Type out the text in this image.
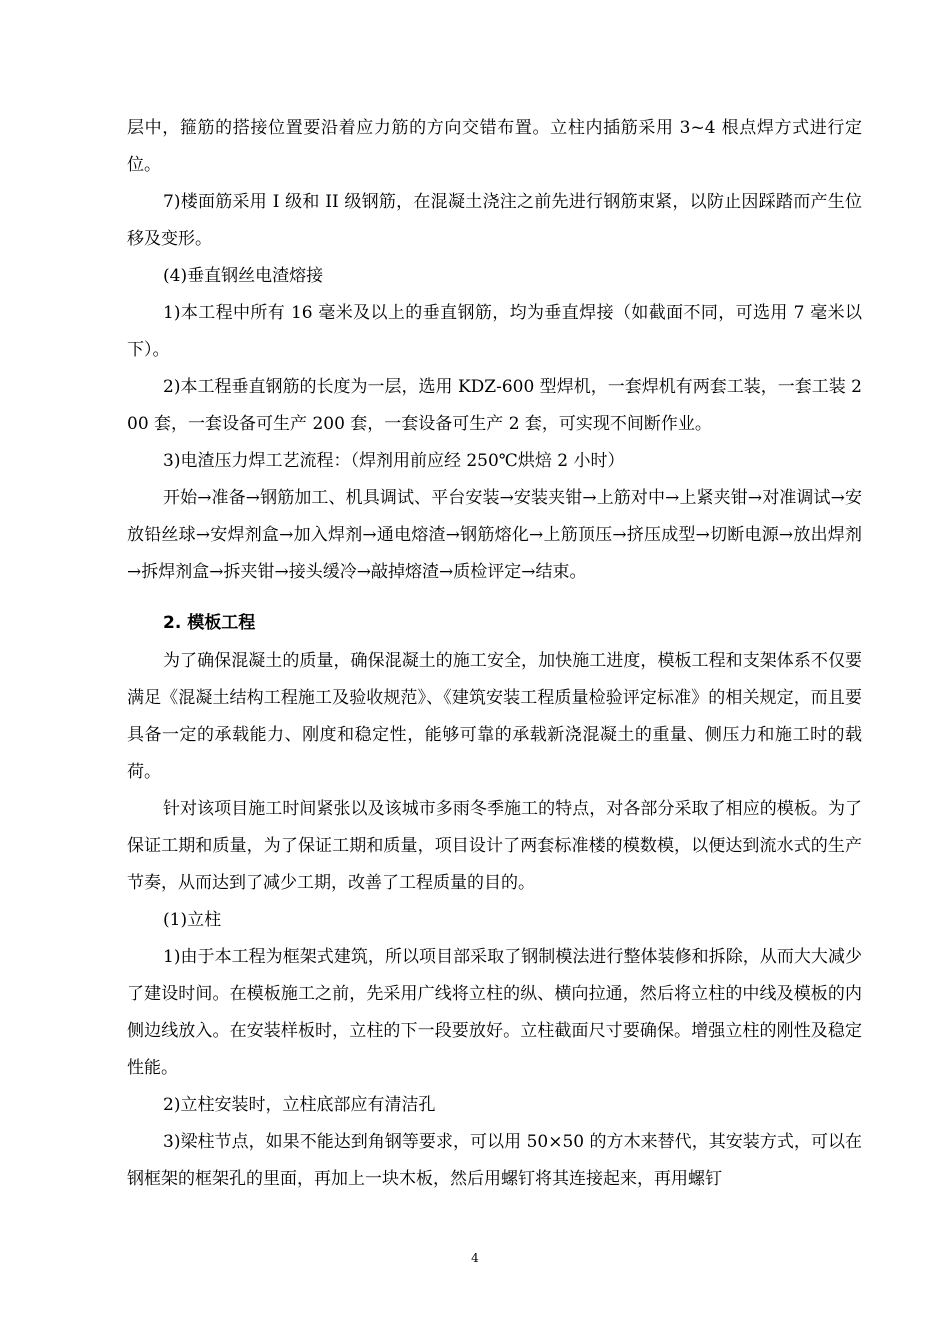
层中，箍筋的搭接位置要沿着应力筋的方向交错布置。立柱内插筋采用 3~4 根点焊方式进行定位。

7)楼面筋采用 I 级和 II 级钢筋，在混凝土浇注之前先进行钢筋束紧，以防止因踩踏而产生位移及变形。

(4)垂直钢丝电渣熔接

1)本工程中所有 16 毫米及以上的垂直钢筋，均为垂直焊接（如截面不同，可选用 7 毫米以下）。

2)本工程垂直钢筋的长度为一层，选用 KDZ-600 型焊机，一套焊机有两套工装，一套工装 200 套，一套设备可生产 200 套，一套设备可生产 2 套，可实现不间断作业。

3)电渣压力焊工艺流程：（焊剂用前应经 250℃烘焙 2 小时）

开始→准备→钢筋加工、机具调试、平台安装→安装夹钳→上筋对中→上紧夹钳→对准调试→安放铅丝球→安焊剂盒→加入焊剂→通电熔渣→钢筋熔化→上筋顶压→挤压成型→切断电源→放出焊剂→拆焊剂盒→拆夹钳→接头缓冷→敲掉熔渣→质检评定→结束。

2. 模板工程

为了确保混凝土的质量，确保混凝土的施工安全，加快施工进度，模板工程和支架体系不仅要满足《混凝土结构工程施工及验收规范》、《建筑安装工程质量检验评定标准》的相关规定，而且要具备一定的承载能力、刚度和稳定性，能够可靠的承载新浇混凝土的重量、侧压力和施工时的载荷。

针对该项目施工时间紧张以及该城市多雨冬季施工的特点，对各部分采取了相应的模板。为了保证工期和质量，为了保证工期和质量，项目设计了两套标准楼的模数模，以便达到流水式的生产节奏，从而达到了减少工期，改善了工程质量的目的。

(1)立柱

1)由于本工程为框架式建筑，所以项目部采取了钢制模法进行整体装修和拆除，从而大大减少了建设时间。在模板施工之前，先采用广线将立柱的纵、横向拉通，然后将立柱的中线及模板的内侧边线放入。在安装样板时，立柱的下一段要放好。立柱截面尺寸要确保。增强立柱的刚性及稳定性能。

2)立柱安装时，立柱底部应有清洁孔

3)梁柱节点，如果不能达到角钢等要求，可以用 50×50 的方木来替代，其安装方式，可以在钢框架的框架孔的里面，再加上一块木板，然后用螺钉将其连接起来，再用螺钉

4
